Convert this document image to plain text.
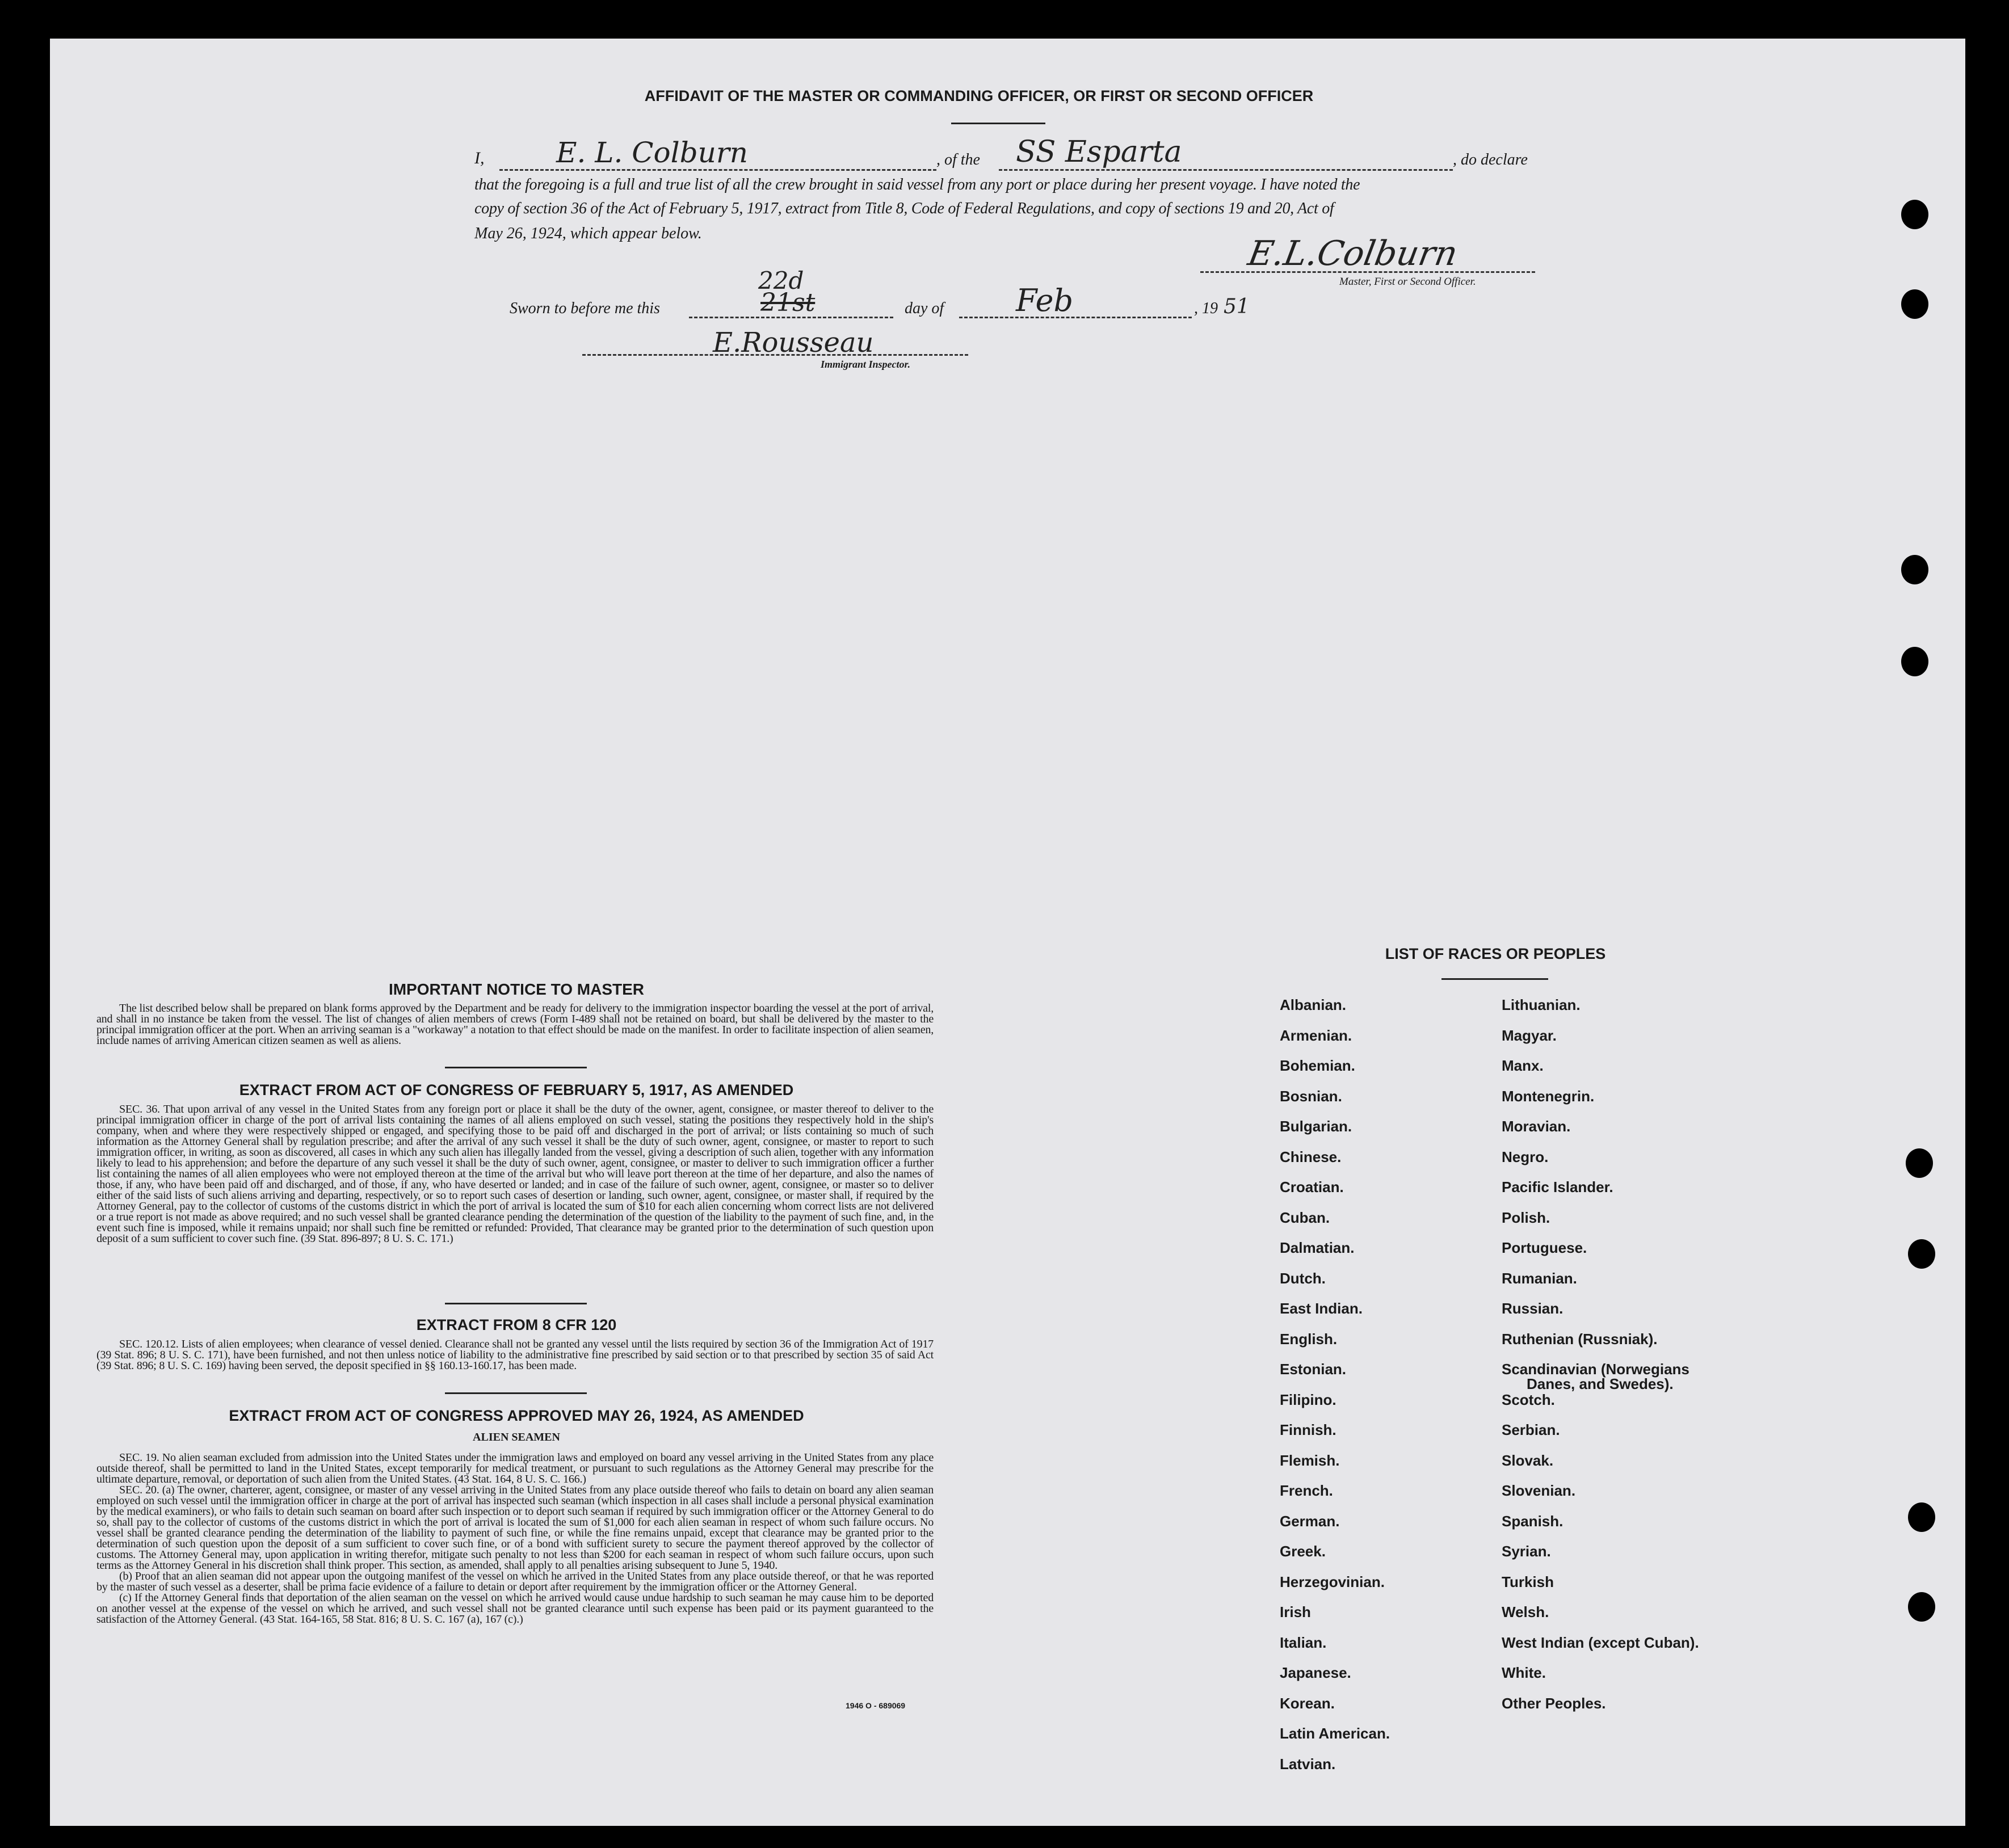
AFFIDAVIT OF THE MASTER OR COMMANDING OFFICER, OR FIRST OR SECOND OFFICER
I,	E. L. Colburn	, of the SS Esparta	, do declare
that the foregoing is a full and true list of all the crew brought in said vessel from any port or place during her present voyage. I have noted the
copy of section 36 of the Act of February 5, 1917, extract from Title 8, Code of Federal Regulations, and copy of sections 19 and 20, Act of
May 26, 1924, which appear below.
E.L.Colburn
Master, First or Second Officer.
Sworn to before me this
22d
21st	day of Feb	, 19 51
E.Rousseau
Immigrant Inspector.
IMPORTANT NOTICE TO MASTER

The list described below shall be prepared on blank forms approved by the Department and be ready for delivery to the immigration inspector boarding the vessel at the port of arrival, and shall in no instance be taken from the vessel. The list of changes of alien members of crews (Form I-489 shall not be retained on board, but shall be delivered by the master to the principal immigration officer at the port. When an arriving seaman is a "workaway" a notation to that effect should be made on the manifest. In order to facilitate inspection of alien seamen, include names of arriving American citizen seamen as well as aliens.

EXTRACT FROM ACT OF CONGRESS OF FEBRUARY 5, 1917, AS AMENDED

SEC. 36. That upon arrival of any vessel in the United States from any foreign port or place it shall be the duty of the owner, agent, consignee, or master thereof to deliver to the principal immigration officer in charge of the port of arrival lists containing the names of all aliens employed on such vessel, stating the positions they respectively hold in the ship's company, when and where they were respectively shipped or engaged, and specifying those to be paid off and discharged in the port of arrival; or lists containing so much of such information as the Attorney General shall by regulation prescribe; and after the arrival of any such vessel it shall be the duty of such owner, agent, consignee, or master to report to such immigration officer, in writing, as soon as discovered, all cases in which any such alien has illegally landed from the vessel, giving a description of such alien, together with any information likely to lead to his apprehension; and before the departure of any such vessel it shall be the duty of such owner, agent, consignee, or master to deliver to such immigration officer a further list containing the names of all alien employees who were not employed thereon at the time of the arrival but who will leave port thereon at the time of her departure, and also the names of those, if any, who have been paid off and discharged, and of those, if any, who have deserted or landed; and in case of the failure of such owner, agent, consignee, or master so to deliver either of the said lists of such aliens arriving and departing, respectively, or so to report such cases of desertion or landing, such owner, agent, consignee, or master shall, if required by the Attorney General, pay to the collector of customs of the customs district in which the port of arrival is located the sum of $10 for each alien concerning whom correct lists are not delivered or a true report is not made as above required; and no such vessel shall be granted clearance pending the determination of the question of the liability to the payment of such fine, and, in the event such fine is imposed, while it remains unpaid; nor shall such fine be remitted or refunded: Provided, That clearance may be granted prior to the determination of such question upon deposit of a sum sufficient to cover such fine. (39 Stat. 896-897; 8 U. S. C. 171.)

EXTRACT FROM 8 CFR 120

SEC. 120.12. Lists of alien employees; when clearance of vessel denied. Clearance shall not be granted any vessel until the lists required by section 36 of the Immigration Act of 1917 (39 Stat. 896; 8 U. S. C. 171), have been furnished, and not then unless notice of liability to the administrative fine prescribed by said section or to that prescribed by section 35 of said Act (39 Stat. 896; 8 U. S. C. 169) having been served, the deposit specified in §§ 160.13-160.17, has been made.

EXTRACT FROM ACT OF CONGRESS APPROVED MAY 26, 1924, AS AMENDED
ALIEN SEAMEN

SEC. 19. No alien seaman excluded from admission into the United States under the immigration laws and employed on board any vessel arriving in the United States from any place outside thereof, shall be permitted to land in the United States, except temporarily for medical treatment, or pursuant to such regulations as the Attorney General may prescribe for the ultimate departure, removal, or deportation of such alien from the United States. (43 Stat. 164, 8 U. S. C. 166.)

SEC. 20. (a) The owner, charterer, agent, consignee, or master of any vessel arriving in the United States from any place outside thereof who fails to detain on board any alien seaman employed on such vessel until the immigration officer in charge at the port of arrival has inspected such seaman (which inspection in all cases shall include a personal physical examination by the medical examiners), or who fails to detain such seaman on board after such inspection or to deport such seaman if required by such immigration officer or the Attorney General to do so, shall pay to the collector of customs of the customs district in which the port of arrival is located the sum of $1,000 for each alien seaman in respect of whom such failure occurs. No vessel shall be granted clearance pending the determination of the liability to payment of such fine, or while the fine remains unpaid, except that clearance may be granted prior to the determination of such question upon the deposit of a sum sufficient to cover such fine, or of a bond with sufficient surety to secure the payment thereof approved by the collector of customs. The Attorney General may, upon application in writing therefor, mitigate such penalty to not less than $200 for each seaman in respect of whom such failure occurs, upon such terms as the Attorney General in his discretion shall think proper. This section, as amended, shall apply to all penalties arising subsequent to June 5, 1940.

(b) Proof that an alien seaman did not appear upon the outgoing manifest of the vessel on which he arrived in the United States from any place outside thereof, or that he was reported by the master of such vessel as a deserter, shall be prima facie evidence of a failure to detain or deport after requirement by the immigration officer or the Attorney General.

(c) If the Attorney General finds that deportation of the alien seaman on the vessel on which he arrived would cause undue hardship to such seaman he may cause him to be deported on another vessel at the expense of the vessel on which he arrived, and such vessel shall not be granted clearance until such expense has been paid or its payment guaranteed to the satisfaction of the Attorney General. (43 Stat. 164-165, 58 Stat. 816; 8 U. S. C. 167 (a), 167 (c).)

1946 O - 689069
LIST OF RACES OR PEOPLES
Albanian.
Armenian.
Bohemian.
Bosnian.
Bulgarian.
Chinese.
Croatian.
Cuban.
Dalmatian.
Dutch.
East Indian.
English.
Estonian.
Filipino.
Finnish.
Flemish.
French.
German.
Greek.
Herzegovinian.
Irish
Italian.
Japanese.
Korean.
Latin American.
Latvian.
Lithuanian.
Magyar.
Manx.
Montenegrin.
Moravian.
Negro.
Pacific Islander.
Polish.
Portuguese.
Rumanian.
Russian.
Ruthenian (Russniak).
Scandinavian (Norwegians
Danes, and Swedes).
Scotch.
Serbian.
Slovak.
Slovenian.
Spanish.
Syrian.
Turkish
Welsh.
West Indian (except Cuban).
White.
Other Peoples.
